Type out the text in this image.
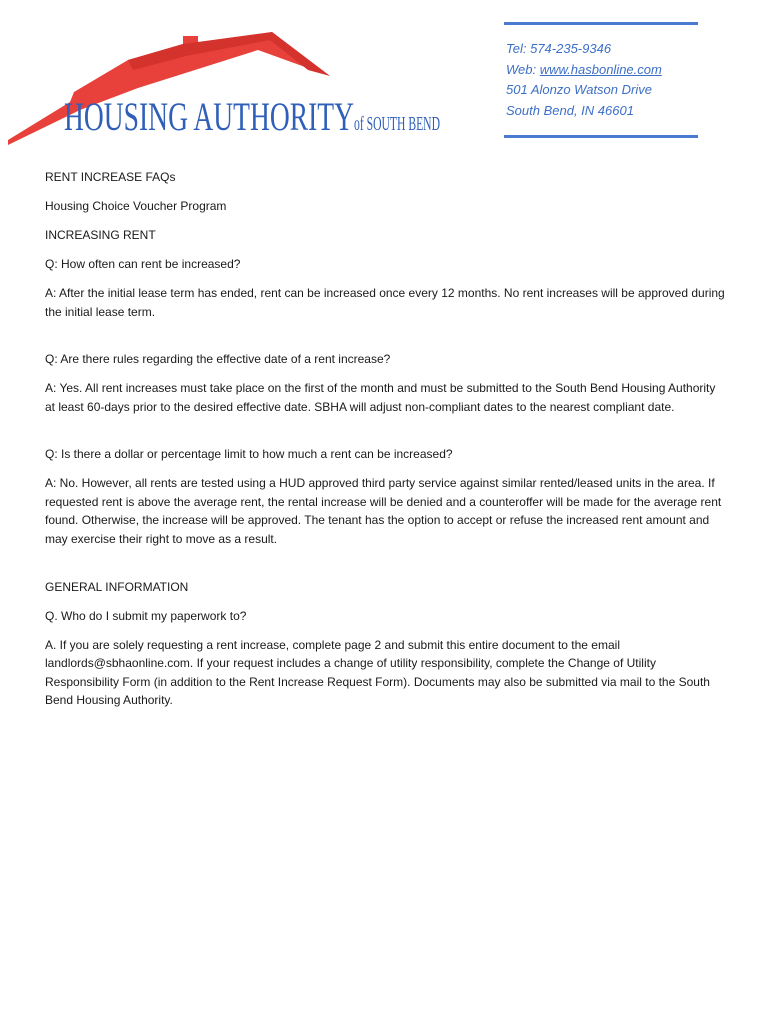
HOUSING AUTHORITY of SOUTH BEND
Tel: 574-235-9346
Web: www.hasbonline.com
501 Alonzo Watson Drive
South Bend, IN 46601

RENT INCREASE FAQs

Housing Choice Voucher Program

INCREASING RENT

Q: How often can rent be increased?

A: After the initial lease term has ended, rent can be increased once every 12 months. No rent increases will be approved during the initial lease term.

Q: Are there rules regarding the effective date of a rent increase?

A: Yes. All rent increases must take place on the first of the month and must be submitted to the South Bend Housing Authority at least 60-days prior to the desired effective date. SBHA will adjust non-compliant dates to the nearest compliant date.

Q: Is there a dollar or percentage limit to how much a rent can be increased?

A: No. However, all rents are tested using a HUD approved third party service against similar rented/leased units in the area. If requested rent is above the average rent, the rental increase will be denied and a counteroffer will be made for the average rent found. Otherwise, the increase will be approved. The tenant has the option to accept or refuse the increased rent amount and may exercise their right to move as a result.

GENERAL INFORMATION

Q. Who do I submit my paperwork to?

A. If you are solely requesting a rent increase, complete page 2 and submit this entire document to the email landlords@sbhaonline.com. If your request includes a change of utility responsibility, complete the Change of Utility Responsibility Form (in addition to the Rent Increase Request Form). Documents may also be submitted via mail to the South Bend Housing Authority.
